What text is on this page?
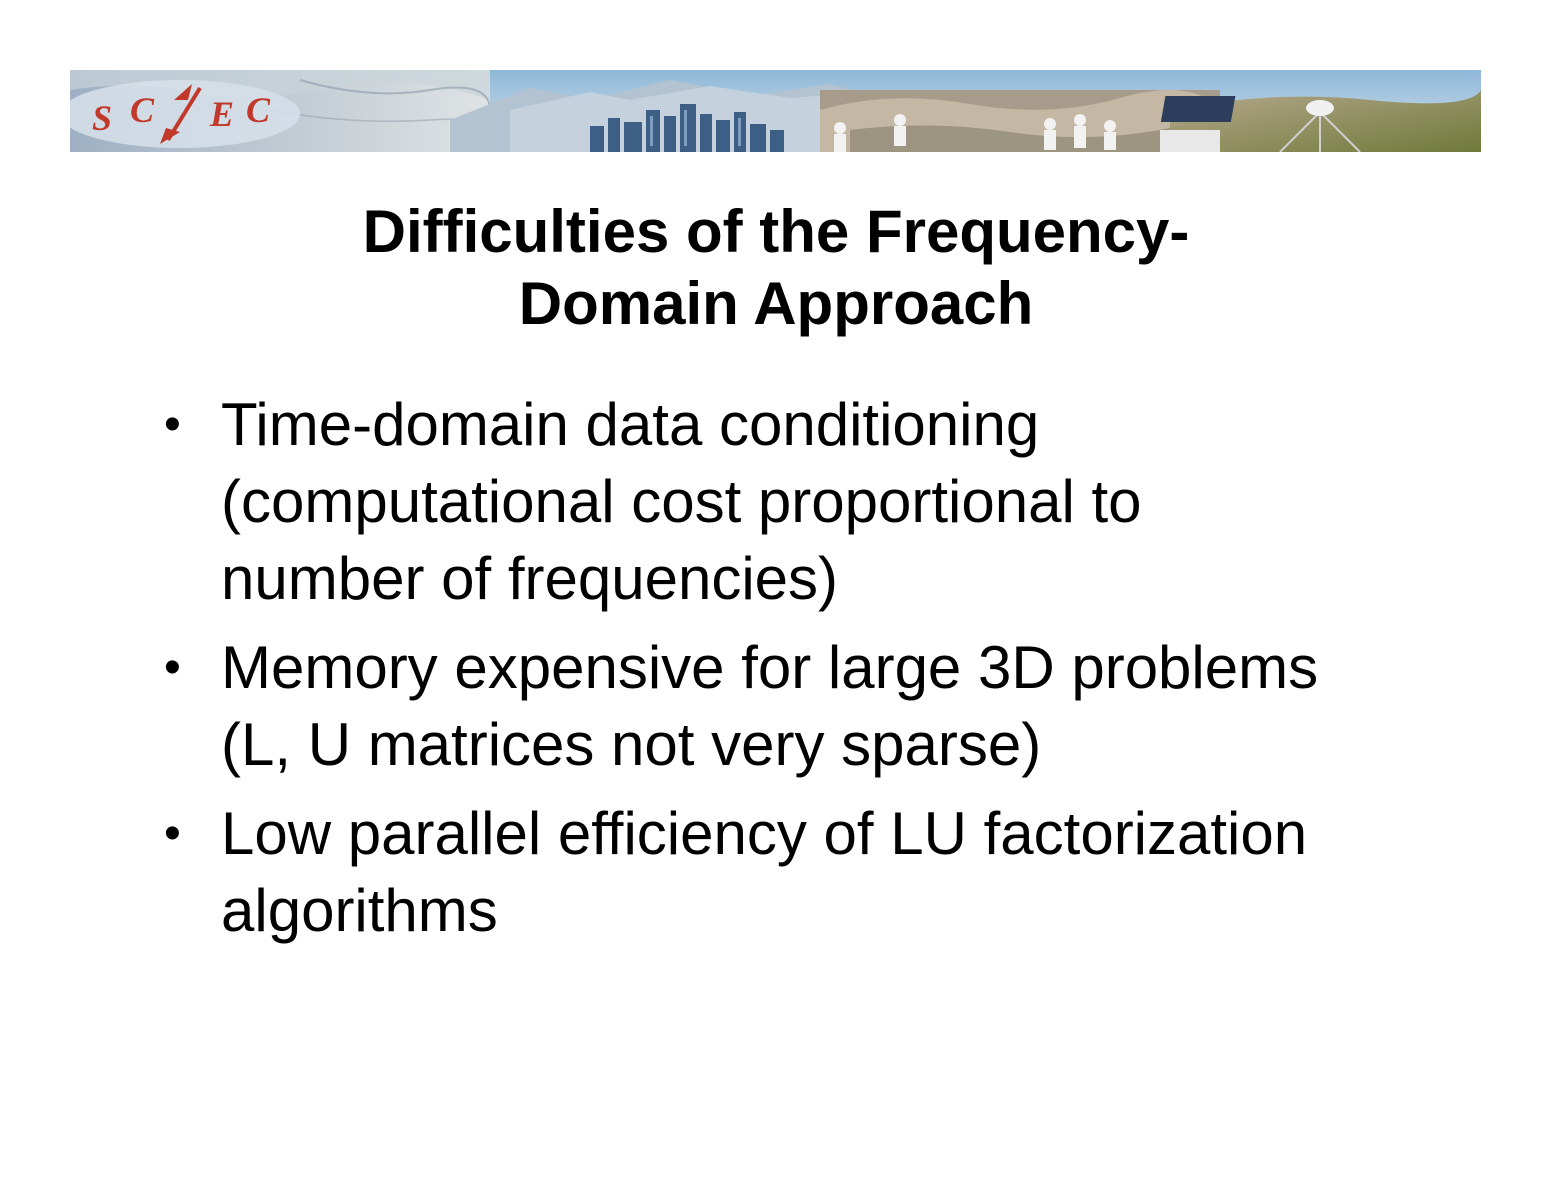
S C E C
Difficulties of the Frequency-
Domain Approach
• Time-domain data conditioning
(computational cost proportional to
number of frequencies)
• Memory expensive for large 3D problems
(L, U matrices not very sparse)
• Low parallel efficiency of LU factorization
algorithms
